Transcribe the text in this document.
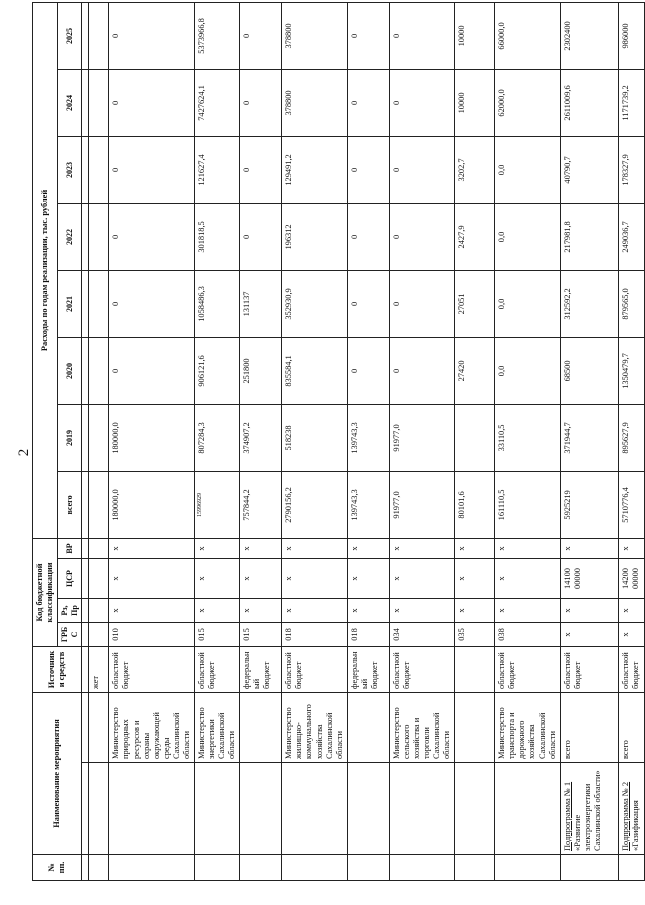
2
№ пп.	Наименование мероприятия		Источники средств	Код бюджетной классификации				Расходы по годам реализации, тыс. рублей							
				ГРБС	Рз, Пр	ЦСР	ВР	всего	2019	2020	2021	2022	2023	2024	2025

			жет												
		Министерство природных ресурсов и охраны окружающей среды Сахалинской области	областной бюджет	010	x	x	x	180000,0	180000,0	0	0	0	0	0	0
		Министерство энергетики Сахалинской области	областной бюджет	015	x	x	x	15996929	807284,3	906121,6	1058486,3	301818,5	121627,4	7427624,1	5373966,8
			федеральный бюджет	015	x	x	x	757844,2	374907,2	251800	131137	0	0	0	0
		Министерство жилищно-коммунального хозяйства Сахалинской области	областной бюджет	018	x	x	x	2790156,2	518238	835584,1	352930,9	196312	129491,2	378800	378800
			федеральный бюджет	018	x	x	x	139743,3	139743,3	0	0	0	0	0	0
		Министерство сельского хозяйства и торговли Сахалинской области	областной бюджет	034	x	x	x	91977,0	91977,0	0	0	0	0	0	0
				035	x	x	x	80101,6		27420	27051	2427,9	3202,7	10000	10000
		Министерство транспорта и дорожного хозяйства Сахалинской области	областной бюджет	038	x	x	x	161110,5	33110,5	0,0	0,0	0,0	0,0	62000,0	66000,0
	Подпрограмма № 1 «Развитие электроэнергетики Сахалинской области»	всего	областной бюджет	x	x	14100 00000	x	5925219	371944,7	68500	312592,2	217981,8	40790,7	2611009,6	2302400
	Подпрограмма № 2 «Газификация	всего	областной бюджет	x	x	14200 00000	x	5710776,4	895627,9	1350479,7	879565,0	249036,7	178327,9	1171739,2	986000
